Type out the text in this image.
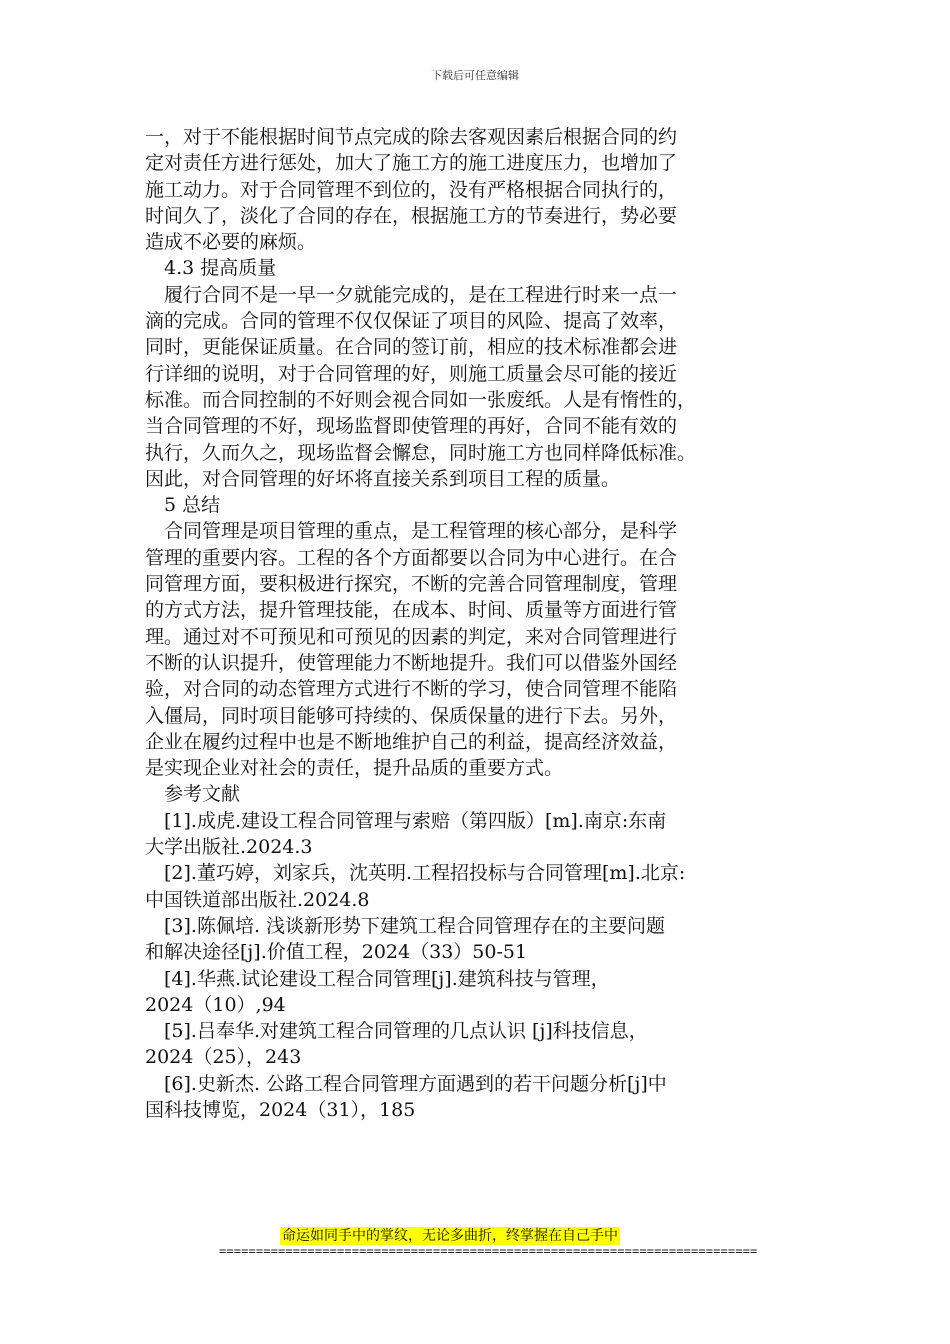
下载后可任意编辑

一，对于不能根据时间节点完成的除去客观因素后根据合同的约

定对责任方进行惩处，加大了施工方的施工进度压力，也增加了

施工动力。对于合同管理不到位的，没有严格根据合同执行的，

时间久了，淡化了合同的存在，根据施工方的节奏进行，势必要

造成不必要的麻烦。

　4.3 提高质量

　履行合同不是一早一夕就能完成的，是在工程进行时来一点一

滴的完成。合同的管理不仅仅保证了项目的风险、提高了效率，

同时，更能保证质量。在合同的签订前，相应的技术标准都会进

行详细的说明，对于合同管理的好，则施工质量会尽可能的接近

标准。而合同控制的不好则会视合同如一张废纸。人是有惰性的，

当合同管理的不好，现场监督即使管理的再好，合同不能有效的

执行，久而久之，现场监督会懈怠，同时施工方也同样降低标准。

因此，对合同管理的好坏将直接关系到项目工程的质量。

　5 总结

　合同管理是项目管理的重点，是工程管理的核心部分，是科学

管理的重要内容。工程的各个方面都要以合同为中心进行。在合

同管理方面，要积极进行探究，不断的完善合同管理制度，管理

的方式方法，提升管理技能，在成本、时间、质量等方面进行管

理。通过对不可预见和可预见的因素的判定，来对合同管理进行

不断的认识提升，使管理能力不断地提升。我们可以借鉴外国经

验，对合同的动态管理方式进行不断的学习，使合同管理不能陷

入僵局，同时项目能够可持续的、保质保量的进行下去。另外，

企业在履约过程中也是不断地维护自己的利益，提高经济效益，

是实现企业对社会的责任，提升品质的重要方式。

　参考文献

　[1].成虎.建设工程合同管理与索赔（第四版）[m].南京:东南

大学出版社.2024.3

　[2].董巧婷，刘家兵，沈英明.工程招投标与合同管理[m].北京:

中国铁道部出版社.2024.8

　[3].陈佩培. 浅谈新形势下建筑工程合同管理存在的主要问题

和解决途径[j].价值工程，2024（33）50-51

　[4].华燕.试论建设工程合同管理[j].建筑科技与管理，

2024（10）,94

　[5].吕奉华.对建筑工程合同管理的几点认识 [j]科技信息，

2024（25），243

　[6].史新杰. 公路工程合同管理方面遇到的若干问题分析[j]中

国科技博览，2024（31），185

命运如同手中的掌纹，无论多曲折，终掌握在自己手中
=========================================================================
